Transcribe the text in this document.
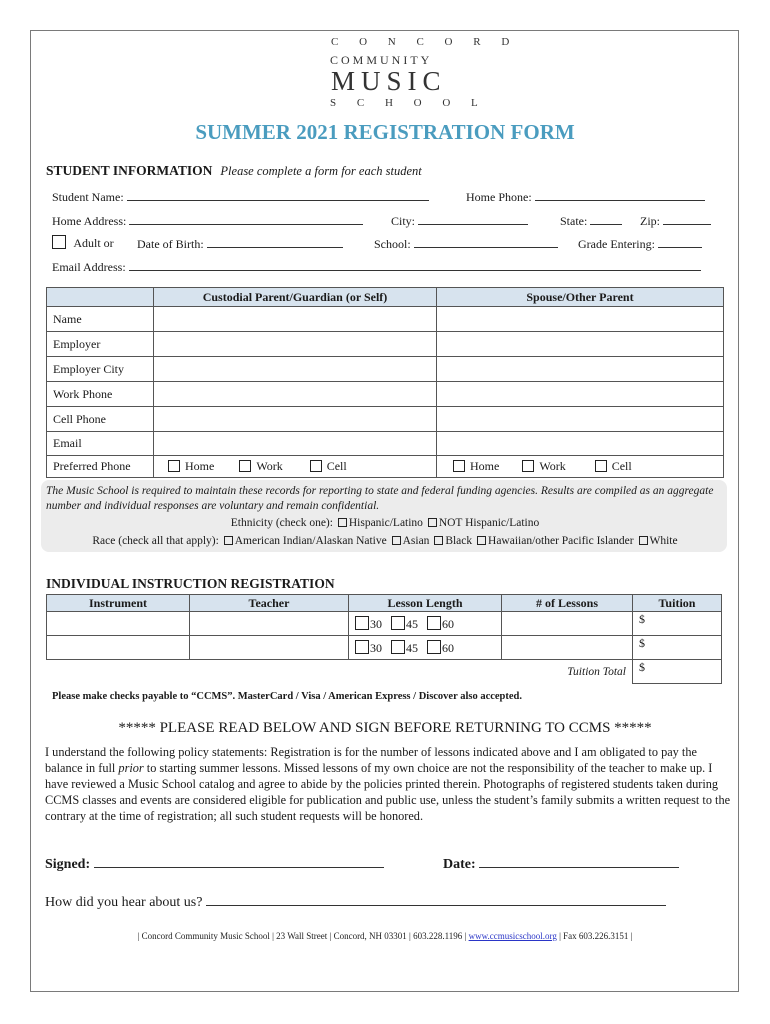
C O N C O R D
COMMUNITY
MUSIC
S C H O O L
SUMMER 2021 REGISTRATION FORM
STUDENT INFORMATION Please complete a form for each student
Student Name:	Home Phone:
Home Address:	City:	State:	Zip:
Adult or Date of Birth:	School:	Grade Entering:
Email Address:
	Custodial Parent/Guardian (or Self)	Spouse/Other Parent
Name		
Employer		
Employer City		
Work Phone		
Cell Phone		
Email		
Preferred Phone	Home Work Cell	Home Work Cell
The Music School is required to maintain these records for reporting to state and federal funding agencies. Results are compiled as an aggregate number and individual responses are voluntary and remain confidential.
Ethnicity (check one): Hispanic/Latino NOT Hispanic/Latino
Race (check all that apply): American Indian/Alaskan Native Asian Black Hawaiian/other Pacific Islander White
INDIVIDUAL INSTRUCTION REGISTRATION
Instrument	Teacher	Lesson Length	# of Lessons	Tuition
		30 45 60		$
		30 45 60		$
Tuition Total				$
Please make checks payable to “CCMS”. MasterCard / Visa / American Express / Discover also accepted.
***** PLEASE READ BELOW AND SIGN BEFORE RETURNING TO CCMS *****
I understand the following policy statements: Registration is for the number of lessons indicated above and I am obligated to pay the balance in full prior to starting summer lessons. Missed lessons of my own choice are not the responsibility of the teacher to make up. I have reviewed a Music School catalog and agree to abide by the policies printed therein. Photographs of registered students taken during CCMS classes and events are considered eligible for publication and public use, unless the student’s family submits a written request to the contrary at the time of registration; all such student requests will be honored.
Signed:	Date:
How did you hear about us?
| Concord Community Music School | 23 Wall Street | Concord, NH 03301 | 603.228.1196 | www.ccmusicschool.org | Fax 603.226.3151 |
